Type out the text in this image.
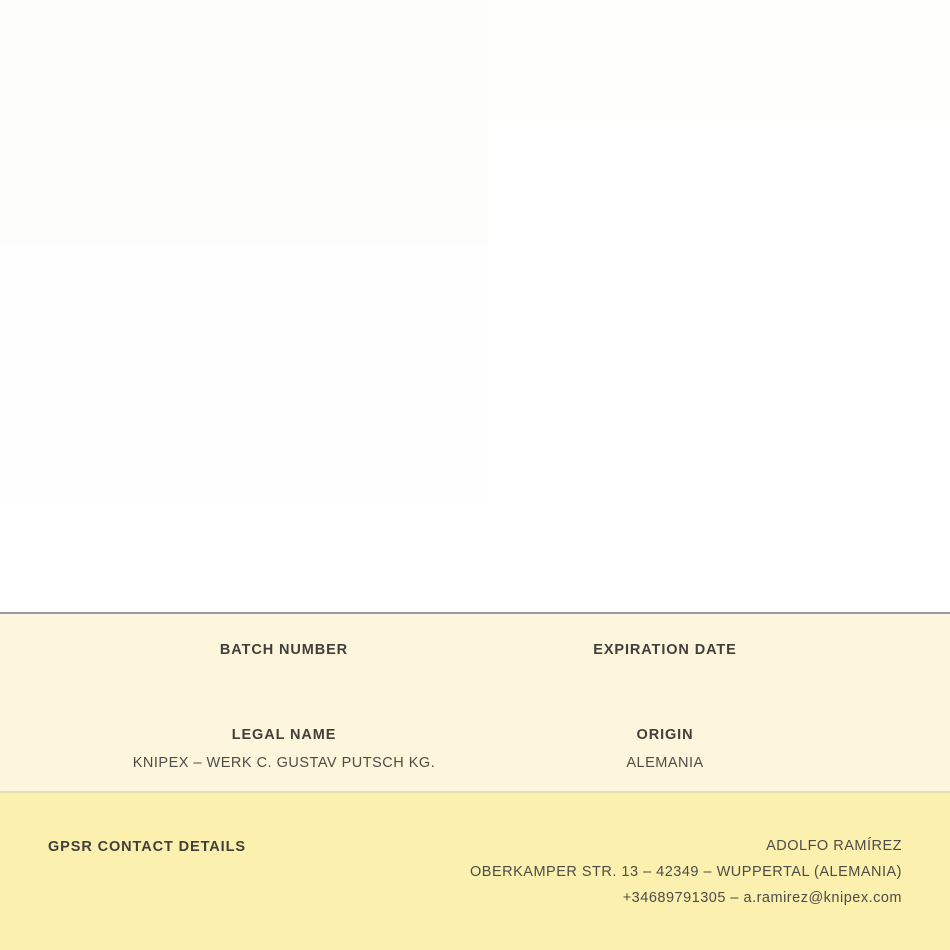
BATCH NUMBER	EXPIRATION DATE
LEGAL NAME
KNIPEX – WERK C. GUSTAV PUTSCH KG.
ORIGIN
ALEMANIA
GPSR CONTACT DETAILS	ADOLFO RAMÍREZ
OBERKAMPER STR. 13 – 42349 – WUPPERTAL (ALEMANIA)
+34689791305 – a.ramirez@knipex.com
